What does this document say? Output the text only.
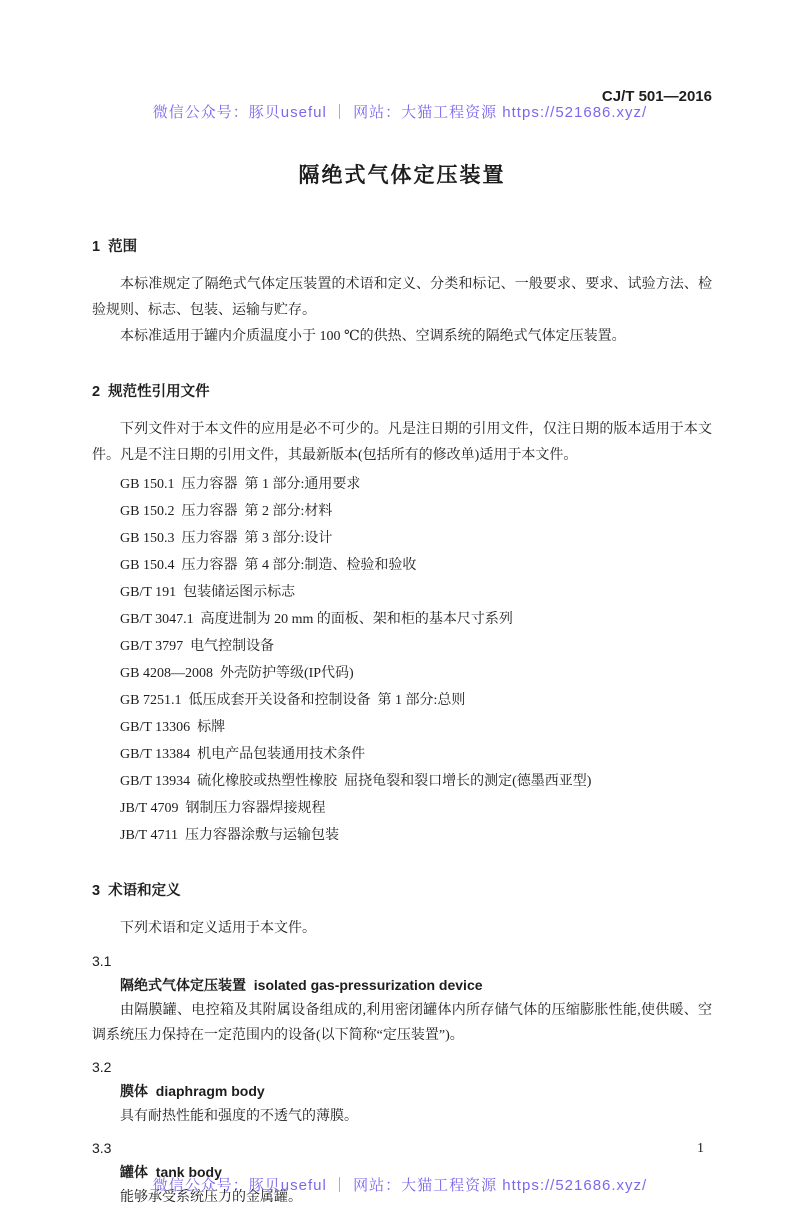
微信公众号：豚贝useful ｜ 网站：大猫工程资源 https://521686.xyz/
CJ/T 501—2016
隔绝式气体定压装置
1  范围

本标准规定了隔绝式气体定压装置的术语和定义、分类和标记、一般要求、要求、试验方法、检验规则、标志、包装、运输与贮存。

本标准适用于罐内介质温度小于 100 ℃的供热、空调系统的隔绝式气体定压装置。

2  规范性引用文件

下列文件对于本文件的应用是必不可少的。凡是注日期的引用文件，仅注日期的版本适用于本文件。凡是不注日期的引用文件，其最新版本(包括所有的修改单)适用于本文件。

GB 150.1  压力容器  第 1 部分:通用要求
GB 150.2  压力容器  第 2 部分:材料
GB 150.3  压力容器  第 3 部分:设计
GB 150.4  压力容器  第 4 部分:制造、检验和验收
GB/T 191  包装储运图示标志
GB/T 3047.1  高度进制为 20 mm 的面板、架和柜的基本尺寸系列
GB/T 3797  电气控制设备
GB 4208—2008  外壳防护等级(IP代码)
GB 7251.1  低压成套开关设备和控制设备  第 1 部分:总则
GB/T 13306  标牌
GB/T 13384  机电产品包装通用技术条件
GB/T 13934  硫化橡胶或热塑性橡胶  屈挠龟裂和裂口增长的测定(德墨西亚型)
JB/T 4709  钢制压力容器焊接规程
JB/T 4711  压力容器涂敷与运输包装
3  术语和定义

下列术语和定义适用于本文件。

3.1
隔绝式气体定压装置  isolated gas-pressurization device
由隔膜罐、电控箱及其附属设备组成的,利用密闭罐体内所存储气体的压缩膨胀性能,使供暖、空调系统压力保持在一定范围内的设备(以下简称“定压装置”)。
3.2
膜体  diaphragm body
具有耐热性能和强度的不透气的薄膜。
3.3
罐体  tank body
能够承受系统压力的金属罐。
1
微信公众号：豚贝useful ｜ 网站：大猫工程资源 https://521686.xyz/
